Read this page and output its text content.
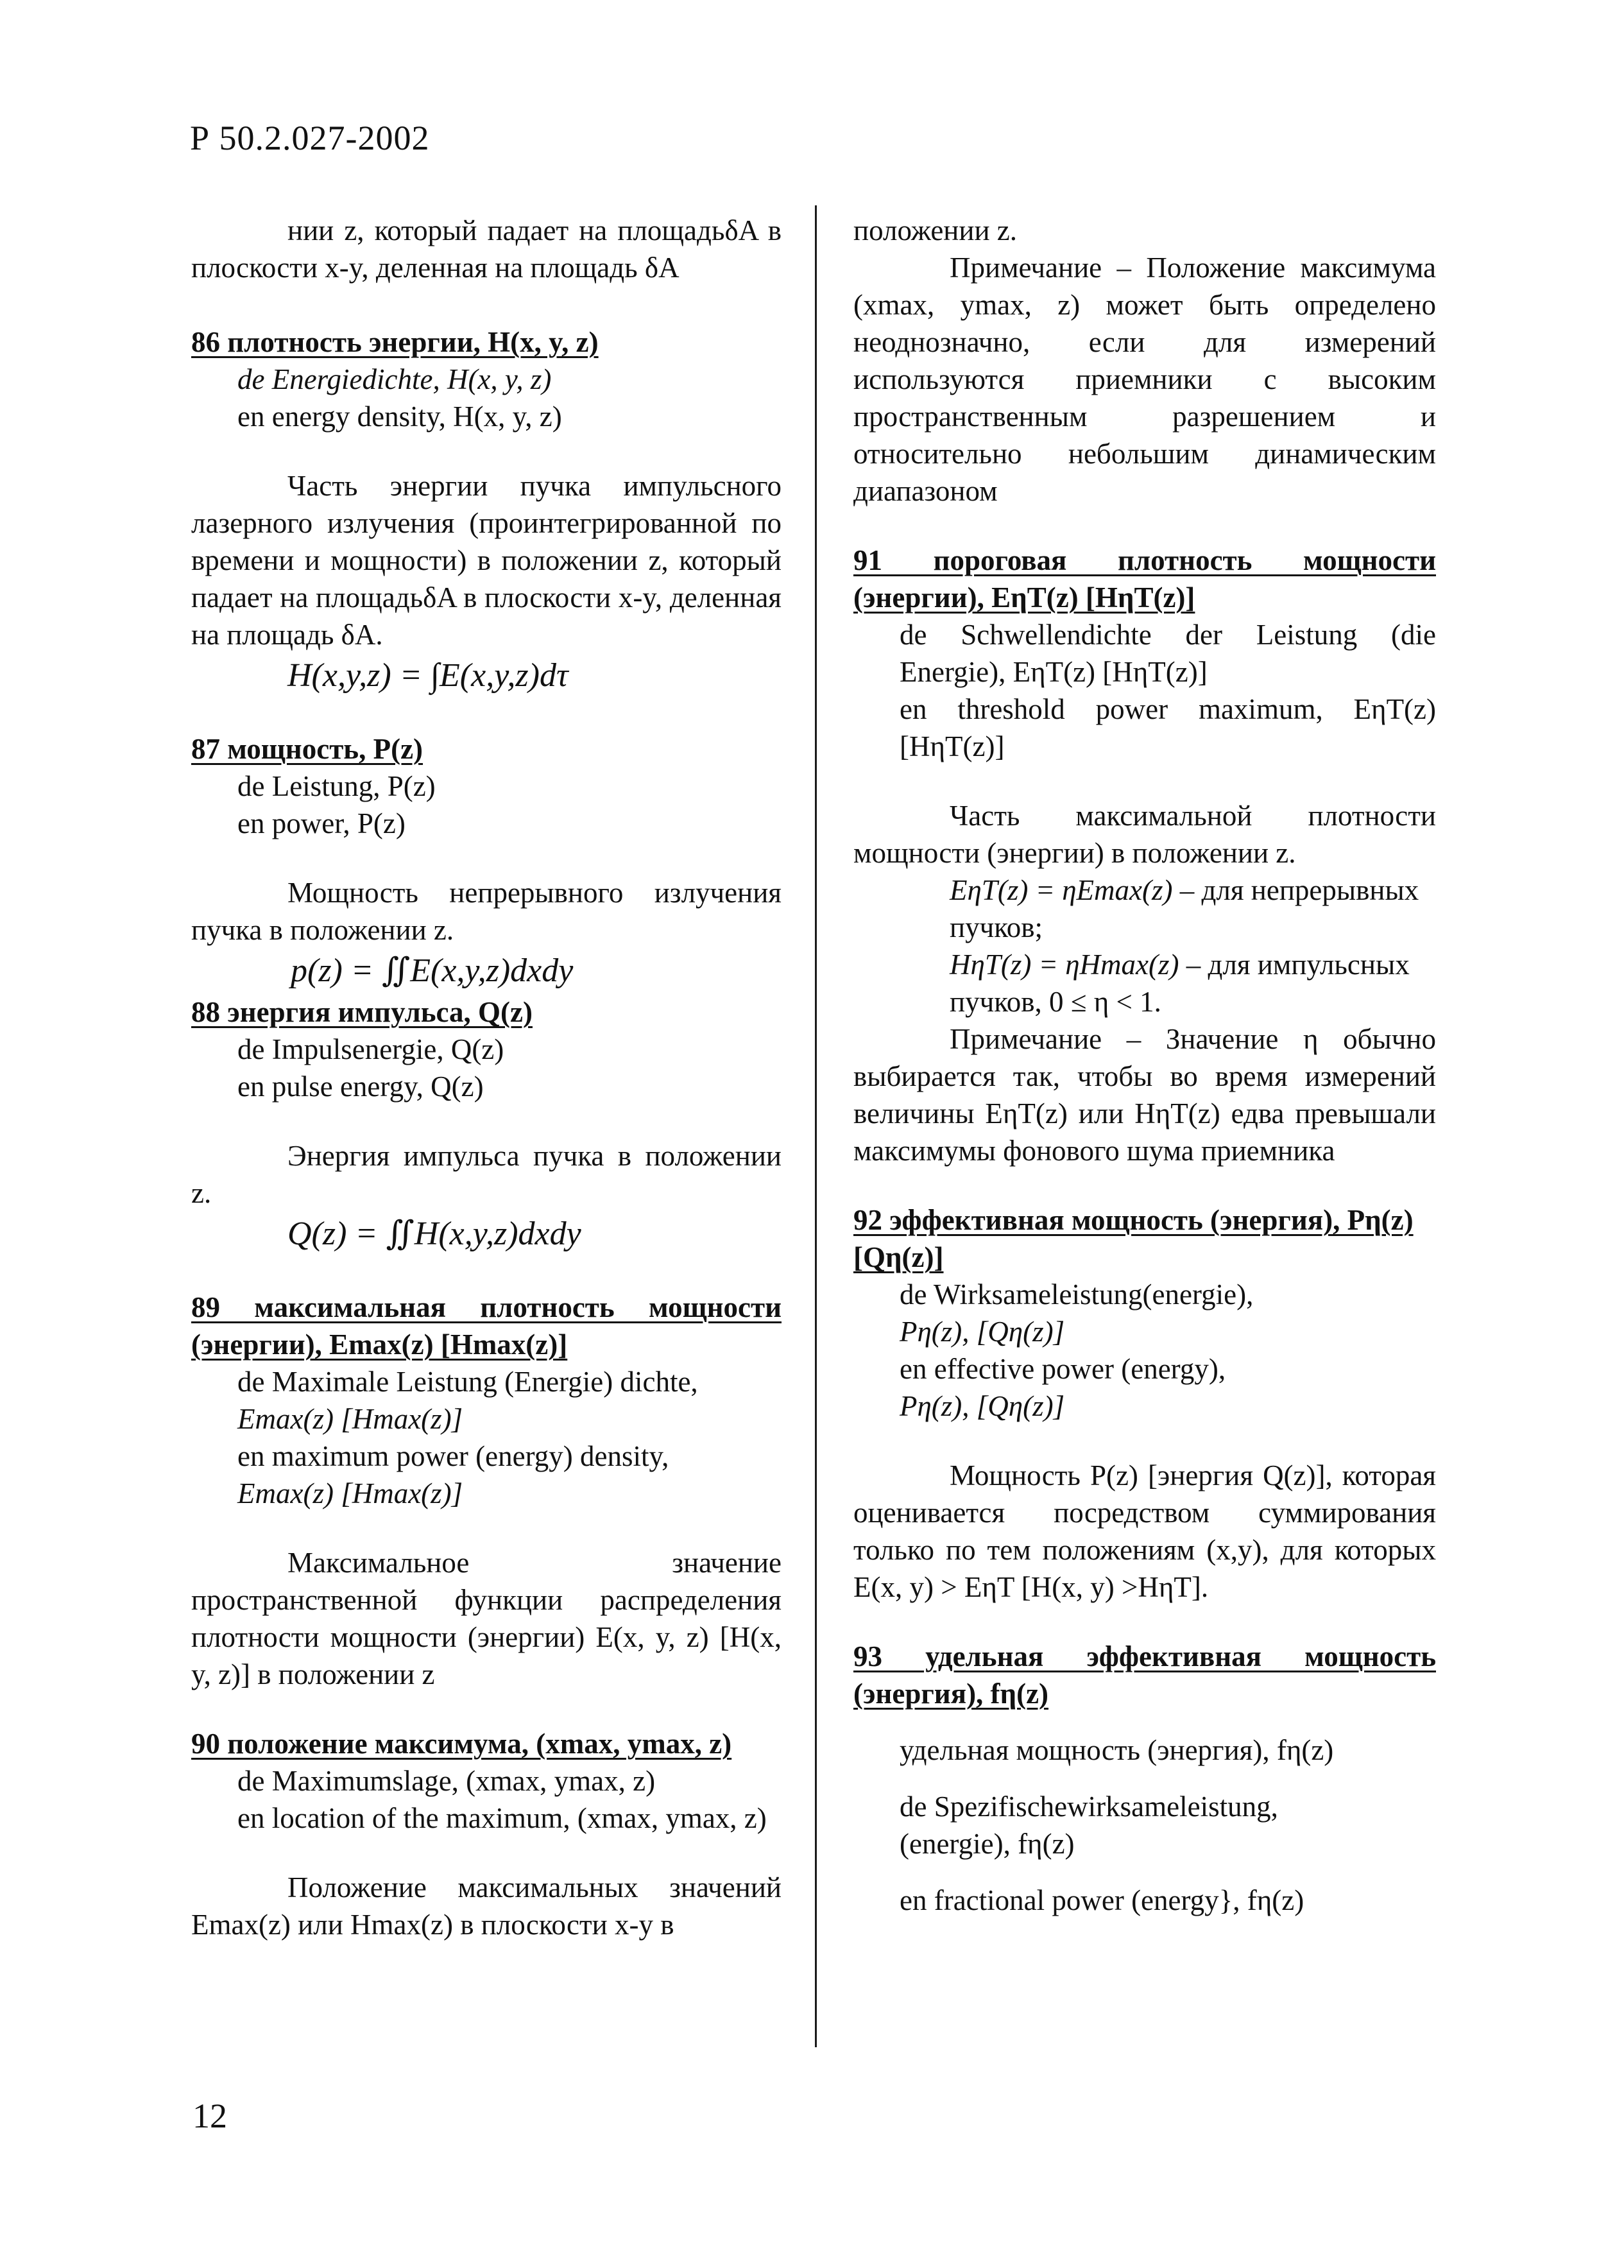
Р 50.2.027-2002
нии z, который падает на площадьδA в плоскости x-y, деленная на площадь δA
86 плотность энергии, H(x, y, z)
de Energiedichte, H(x, y, z)
en energy density, H(x, y, z)
Часть энергии пучка импульсного лазерного излучения (проинтегрированной по времени и мощности) в положении z, который падает на площадьδA в плоскости x-y, деленная на площадь δA.
H(x,y,z) = ∫E(x,y,z)dτ
87 мощность, P(z)
de Leistung, P(z)
en power, P(z)
Мощность непрерывного излучения пучка в положении z.
p(z) = ∬E(x,y,z)dxdy
88 энергия импульса, Q(z)
de Impulsenergie, Q(z)
en pulse energy, Q(z)
Энергия импульса пучка в положении z.
Q(z) = ∬H(x,y,z)dxdy
89 максимальная плотность мощности (энергии), Emax(z) [Hmax(z)]
de Maximale Leistung (Energie) dichte,
Emax(z) [Hmax(z)]
en maximum power (energy) density,
Emax(z) [Hmax(z)]
Максимальное значение пространственной функции распределения плотности мощности (энергии) E(x, y, z) [H(x, y, z)] в положении z
90 положение максимума, (xmax, ymax, z)
de Maximumslage, (xmax, ymax, z)
en location of the maximum, (xmax, ymax, z)
Положение максимальных значений Emax(z) или Hmax(z) в плоскости x-y в
положении z.
Примечание – Положение максимума (xmax, ymax, z) может быть определено неоднозначно, если для измерений используются приемники с высоким пространственным разрешением и относительно небольшим динамическим диапазоном
91 пороговая плотность мощности (энергии), EηT(z) [HηT(z)]
de Schwellendichte der Leistung (die Energie), EηT(z) [HηT(z)]
en threshold power maximum, EηT(z) [HηT(z)]
Часть максимальной плотности мощности (энергии) в положении z.
EηT(z) = ηEmax(z) – для непрерывных пучков;
HηT(z) = ηHmax(z) – для импульсных пучков, 0 ≤ η < 1.
Примечание – Значение η обычно выбирается так, чтобы во время измерений величины EηT(z) или HηT(z) едва превышали максимумы фонового шума приемника
92 эффективная мощность (энергия), Pη(z) [Qη(z)]
de Wirksameleistung(energie),
Pη(z), [Qη(z)]
en effective power (energy),
Pη(z), [Qη(z)]
Мощность P(z) [энергия Q(z)], которая оценивается посредством суммирования только по тем положениям (x,y), для которых E(x, y) > EηT [H(x, y) >HηT].
93 удельная эффективная мощность (энергия), fη(z)
удельная мощность (энергия), fη(z)
de Spezifischewirksameleistung,
(energie), fη(z)
en fractional power (energy}, fη(z)
12
